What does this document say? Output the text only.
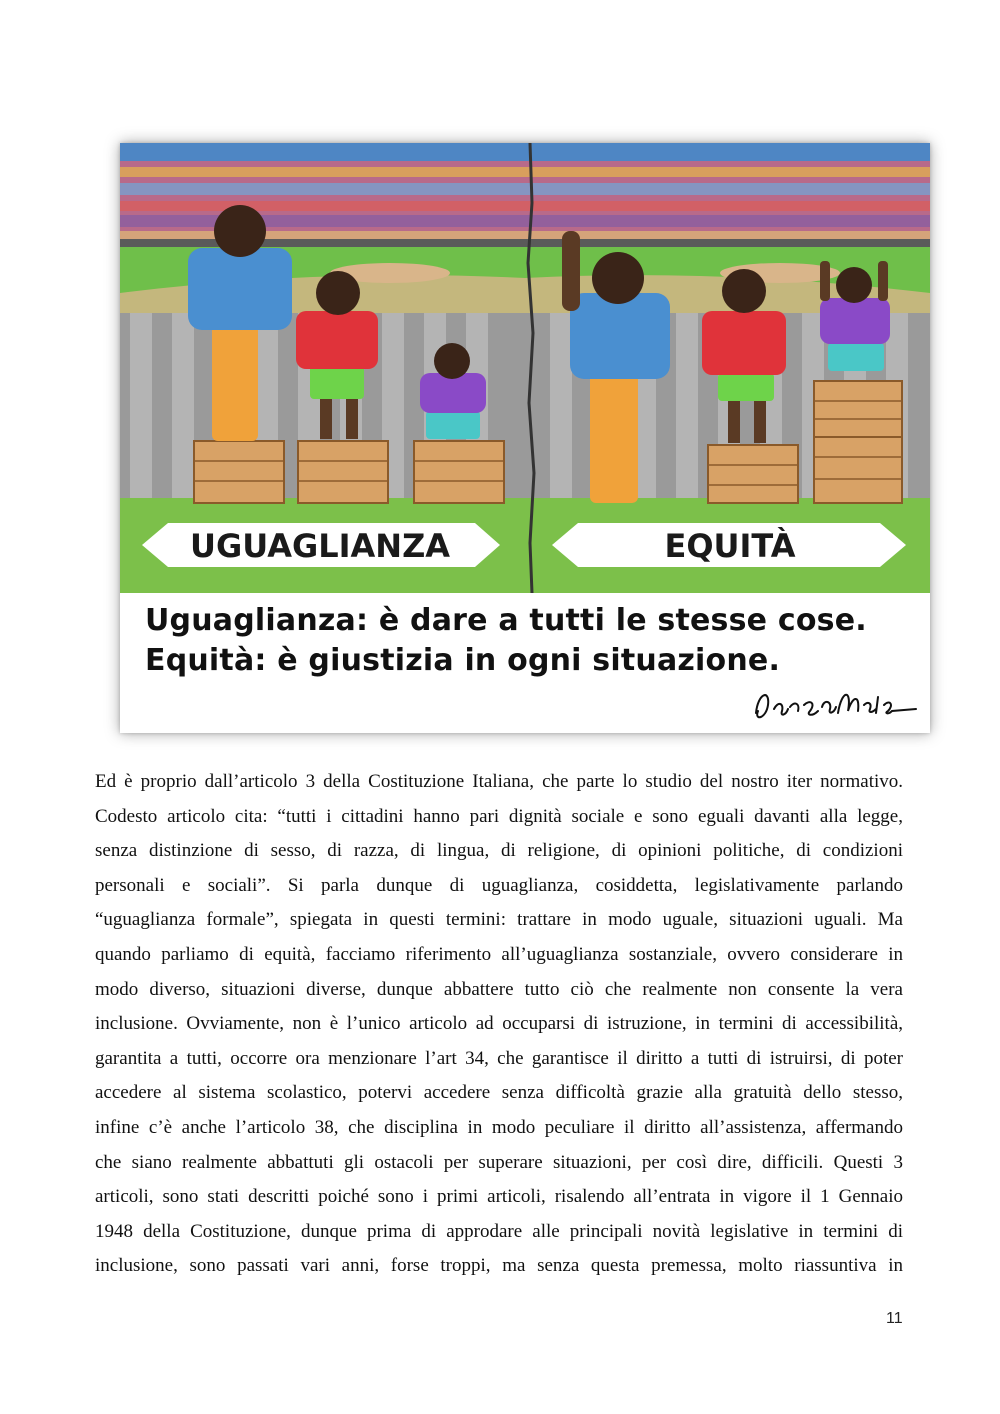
UGUAGLIANZA	EQUITÀ
Uguaglianza: è dare a tutti le stesse cose.
Equità: è giustizia in ogni situazione.
Ed è proprio dall’articolo 3 della Costituzione Italiana, che parte lo studio del nostro iter normativo.
Codesto articolo cita: “tutti i cittadini hanno pari dignità sociale e sono eguali davanti alla legge,
senza distinzione di sesso, di razza, di lingua, di religione, di opinioni politiche, di condizioni
personali e sociali”. Si parla dunque di uguaglianza, cosiddetta, legislativamente parlando
“uguaglianza formale”, spiegata in questi termini: trattare in modo uguale, situazioni uguali. Ma
quando parliamo di equità, facciamo riferimento all’uguaglianza sostanziale, ovvero considerare in
modo diverso, situazioni diverse, dunque abbattere tutto ciò che realmente non consente la vera
inclusione. Ovviamente, non è l’unico articolo ad occuparsi di istruzione, in termini di accessibilità,
garantita a tutti, occorre ora menzionare l’art 34, che garantisce il diritto a tutti di istruirsi, di poter
accedere al sistema scolastico, potervi accedere senza difficoltà grazie alla gratuità dello stesso,
infine c’è anche l’articolo 38, che disciplina in modo peculiare il diritto all’assistenza, affermando
che siano realmente abbattuti gli ostacoli per superare situazioni, per così dire, difficili. Questi 3
articoli, sono stati descritti poiché sono i primi articoli, risalendo all’entrata in vigore il 1 Gennaio
1948 della Costituzione, dunque prima di approdare alle principali novità legislative in termini di
inclusione, sono passati vari anni, forse troppi, ma senza questa premessa, molto riassuntiva in
11
